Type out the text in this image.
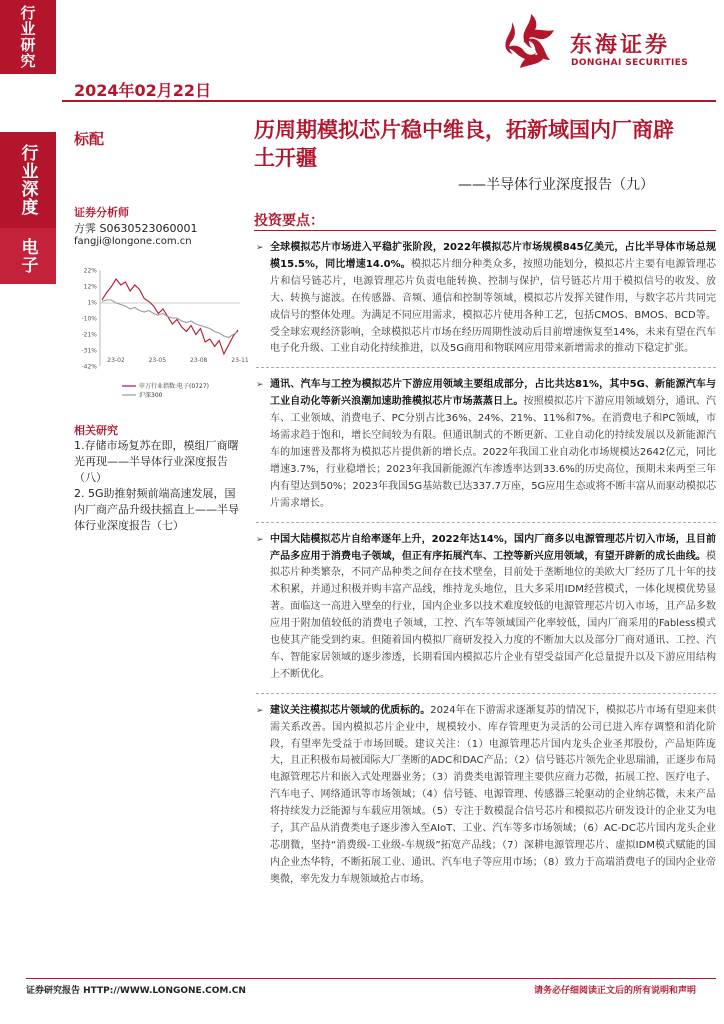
行业研究
行业深度
电子
2024年02月22日
东海证券
DONGHAI SECURITIES
标配	历周期模拟芯片稳中维良，拓新域国内厂商辟土开疆
——半导体行业深度报告（九）
证券分析师
方霁 S0630523060001
fangji@longone.com.cn
22%
12%
1%
-10%
-21%
-31%
-42%
23-02	23-05	23-08	23-11
申万行业指数:电子(0727)
沪深300
相关研究
1.存储市场复苏在即，模组厂商曙光再现——半导体行业深度报告（八）
2. 5G助推射频前端高速发展，国内厂商产品升级扶摇直上——半导体行业深度报告（七）
投资要点：
➢ 全球模拟芯片市场进入平稳扩张阶段，2022年模拟芯片市场规模845亿美元，占比半导体市场总规模15.5%，同比增速14.0%。模拟芯片细分种类众多，按照功能划分，模拟芯片主要有电源管理芯片和信号链芯片，电源管理芯片负责电能转换、控制与保护，信号链芯片用于模拟信号的收发、放大、转换与滤波。在传感器、音频、通信和控制等领域，模拟芯片发挥关键作用，与数字芯片共同完成信号的整体处理。为满足不同应用需求，模拟芯片使用各种工艺，包括CMOS、BMOS、BCD等。受全球宏观经济影响，全球模拟芯片市场在经历周期性波动后目前增速恢复至14%，未来有望在汽车电子化升级、工业自动化持续推进，以及5G商用和物联网应用带来新增需求的推动下稳定扩张。
➢ 通讯、汽车与工控为模拟芯片下游应用领域主要组成部分，占比共达81%，其中5G、新能源汽车与工业自动化等新兴浪潮加速助推模拟芯片市场蒸蒸日上。按照模拟芯片下游应用领域划分，通讯、汽车、工业领域、消费电子、PC分别占比36%、24%、21%、11%和7%。在消费电子和PC领域，市场需求趋于饱和，增长空间较为有限。但通讯制式的不断更新、工业自动化的持续发展以及新能源汽车的加速普及都将为模拟芯片提供新的增长点。2022年我国工业自动化市场规模达2642亿元，同比增速3.7%，行业稳增长；2023年我国新能源汽车渗透率达到33.6%的历史高位，预期未来两至三年内有望达到50%；2023年我国5G基站数已达337.7万座，5G应用生态或将不断丰富从而驱动模拟芯片需求增长。
➢ 中国大陆模拟芯片自给率逐年上升，2022年达14%，国内厂商多以电源管理芯片切入市场，且目前产品多应用于消费电子领域，但正有序拓展汽车、工控等新兴应用领域，有望开辟新的成长曲线。模拟芯片种类繁杂，不同产品种类之间存在技术壁垒，目前处于垄断地位的美欧大厂经历了几十年的技术积累，并通过积极并购丰富产品线，维持龙头地位，且大多采用IDM经营模式，一体化规模优势显著。面临这一高进入壁垒的行业，国内企业多以技术难度较低的电源管理芯片切入市场，且产品多数应用于附加值较低的消费电子领域，工控、汽车等领域国产化率较低，国内厂商采用的Fabless模式也使其产能受到约束。但随着国内模拟厂商研发投入力度的不断加大以及部分厂商对通讯、工控、汽车、智能家居领域的逐步渗透，长期看国内模拟芯片企业有望受益国产化总量提升以及下游应用结构上不断优化。
➢ 建议关注模拟芯片领域的优质标的。2024年在下游需求逐渐复苏的情况下，模拟芯片市场有望迎来供需关系改善。国内模拟芯片企业中，规模较小、库存管理更为灵活的公司已进入库存调整和消化阶段，有望率先受益于市场回暖。建议关注：（1）电源管理芯片国内龙头企业圣邦股份，产品矩阵庞大，且正积极布局被国际大厂垄断的ADC和DAC产品；（2）信号链芯片领先企业思瑞浦，正逐步布局电源管理芯片和嵌入式处理器业务；（3）消费类电源管理主要供应商力芯微，拓展工控、医疗电子、汽车电子、网络通讯等市场领域；（4）信号链、电源管理、传感器三轮驱动的企业纳芯微，未来产品将持续发力泛能源与车载应用领域。（5）专注于数模混合信号芯片和模拟芯片研发设计的企业艾为电子，其产品从消费类电子逐步渗入至AIoT、工业、汽车等多市场领域；（6）AC-DC芯片国内龙头企业芯朋微，坚持“消费级-工业级-车规级”拓宽产品线；（7）深耕电源管理芯片、虚拟IDM模式赋能的国内企业杰华特，不断拓展工业、通讯、汽车电子等应用市场；（8）致力于高端消费电子的国内企业帝奥微，率先发力车规领域抢占市场。
证券研究报告 HTTP://WWW.LONGONE.COM.CN	请务必仔细阅读正文后的所有说明和声明
